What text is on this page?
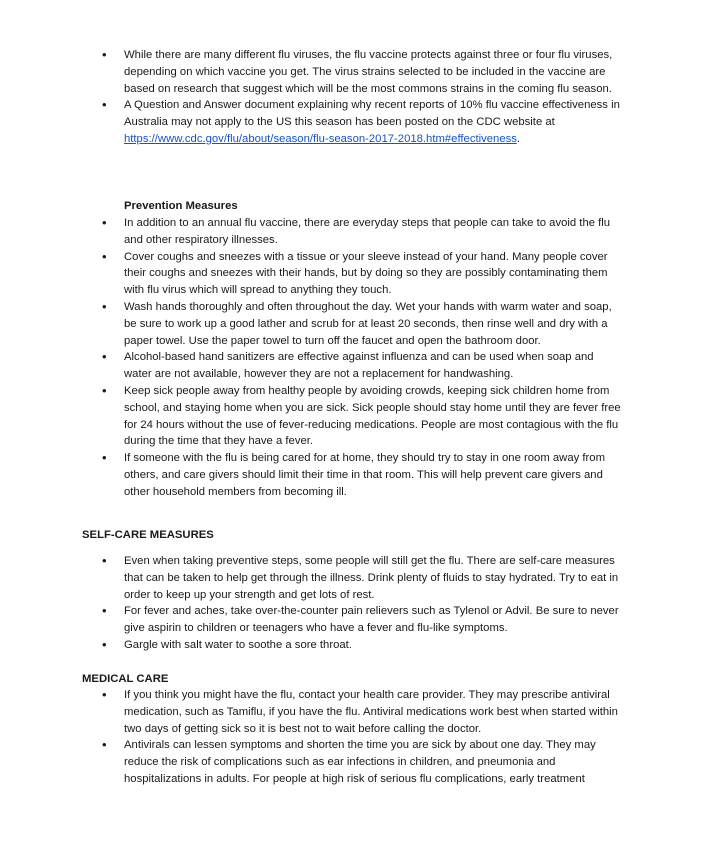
• While there are many different flu viruses, the flu vaccine protects against three or four flu viruses, depending on which vaccine you get. The virus strains selected to be included in the vaccine are based on research that suggest which will be the most commons strains in the coming flu season.
• A Question and Answer document explaining why recent reports of 10% flu vaccine effectiveness in Australia may not apply to the US this season has been posted on the CDC website at https://www.cdc.gov/flu/about/season/flu-season-2017-2018.htm#effectiveness.
Prevention Measures
• In addition to an annual flu vaccine, there are everyday steps that people can take to avoid the flu and other respiratory illnesses.
• Cover coughs and sneezes with a tissue or your sleeve instead of your hand. Many people cover their coughs and sneezes with their hands, but by doing so they are possibly contaminating them with flu virus which will spread to anything they touch.
• Wash hands thoroughly and often throughout the day. Wet your hands with warm water and soap, be sure to work up a good lather and scrub for at least 20 seconds, then rinse well and dry with a paper towel. Use the paper towel to turn off the faucet and open the bathroom door.
• Alcohol-based hand sanitizers are effective against influenza and can be used when soap and water are not available, however they are not a replacement for handwashing.
• Keep sick people away from healthy people by avoiding crowds, keeping sick children home from school, and staying home when you are sick. Sick people should stay home until they are fever free for 24 hours without the use of fever-reducing medications. People are most contagious with the flu during the time that they have a fever.
• If someone with the flu is being cared for at home, they should try to stay in one room away from others, and care givers should limit their time in that room. This will help prevent care givers and other household members from becoming ill.
SELF-CARE MEASURES
• Even when taking preventive steps, some people will still get the flu. There are self-care measures that can be taken to help get through the illness. Drink plenty of fluids to stay hydrated. Try to eat in order to keep up your strength and get lots of rest.
• For fever and aches, take over-the-counter pain relievers such as Tylenol or Advil. Be sure to never give aspirin to children or teenagers who have a fever and flu-like symptoms.
• Gargle with salt water to soothe a sore throat.
MEDICAL CARE
• If you think you might have the flu, contact your health care provider. They may prescribe antiviral medication, such as Tamiflu, if you have the flu. Antiviral medications work best when started within two days of getting sick so it is best not to wait before calling the doctor.
• Antivirals can lessen symptoms and shorten the time you are sick by about one day. They may reduce the risk of complications such as ear infections in children, and pneumonia and hospitalizations in adults. For people at high risk of serious flu complications, early treatment
